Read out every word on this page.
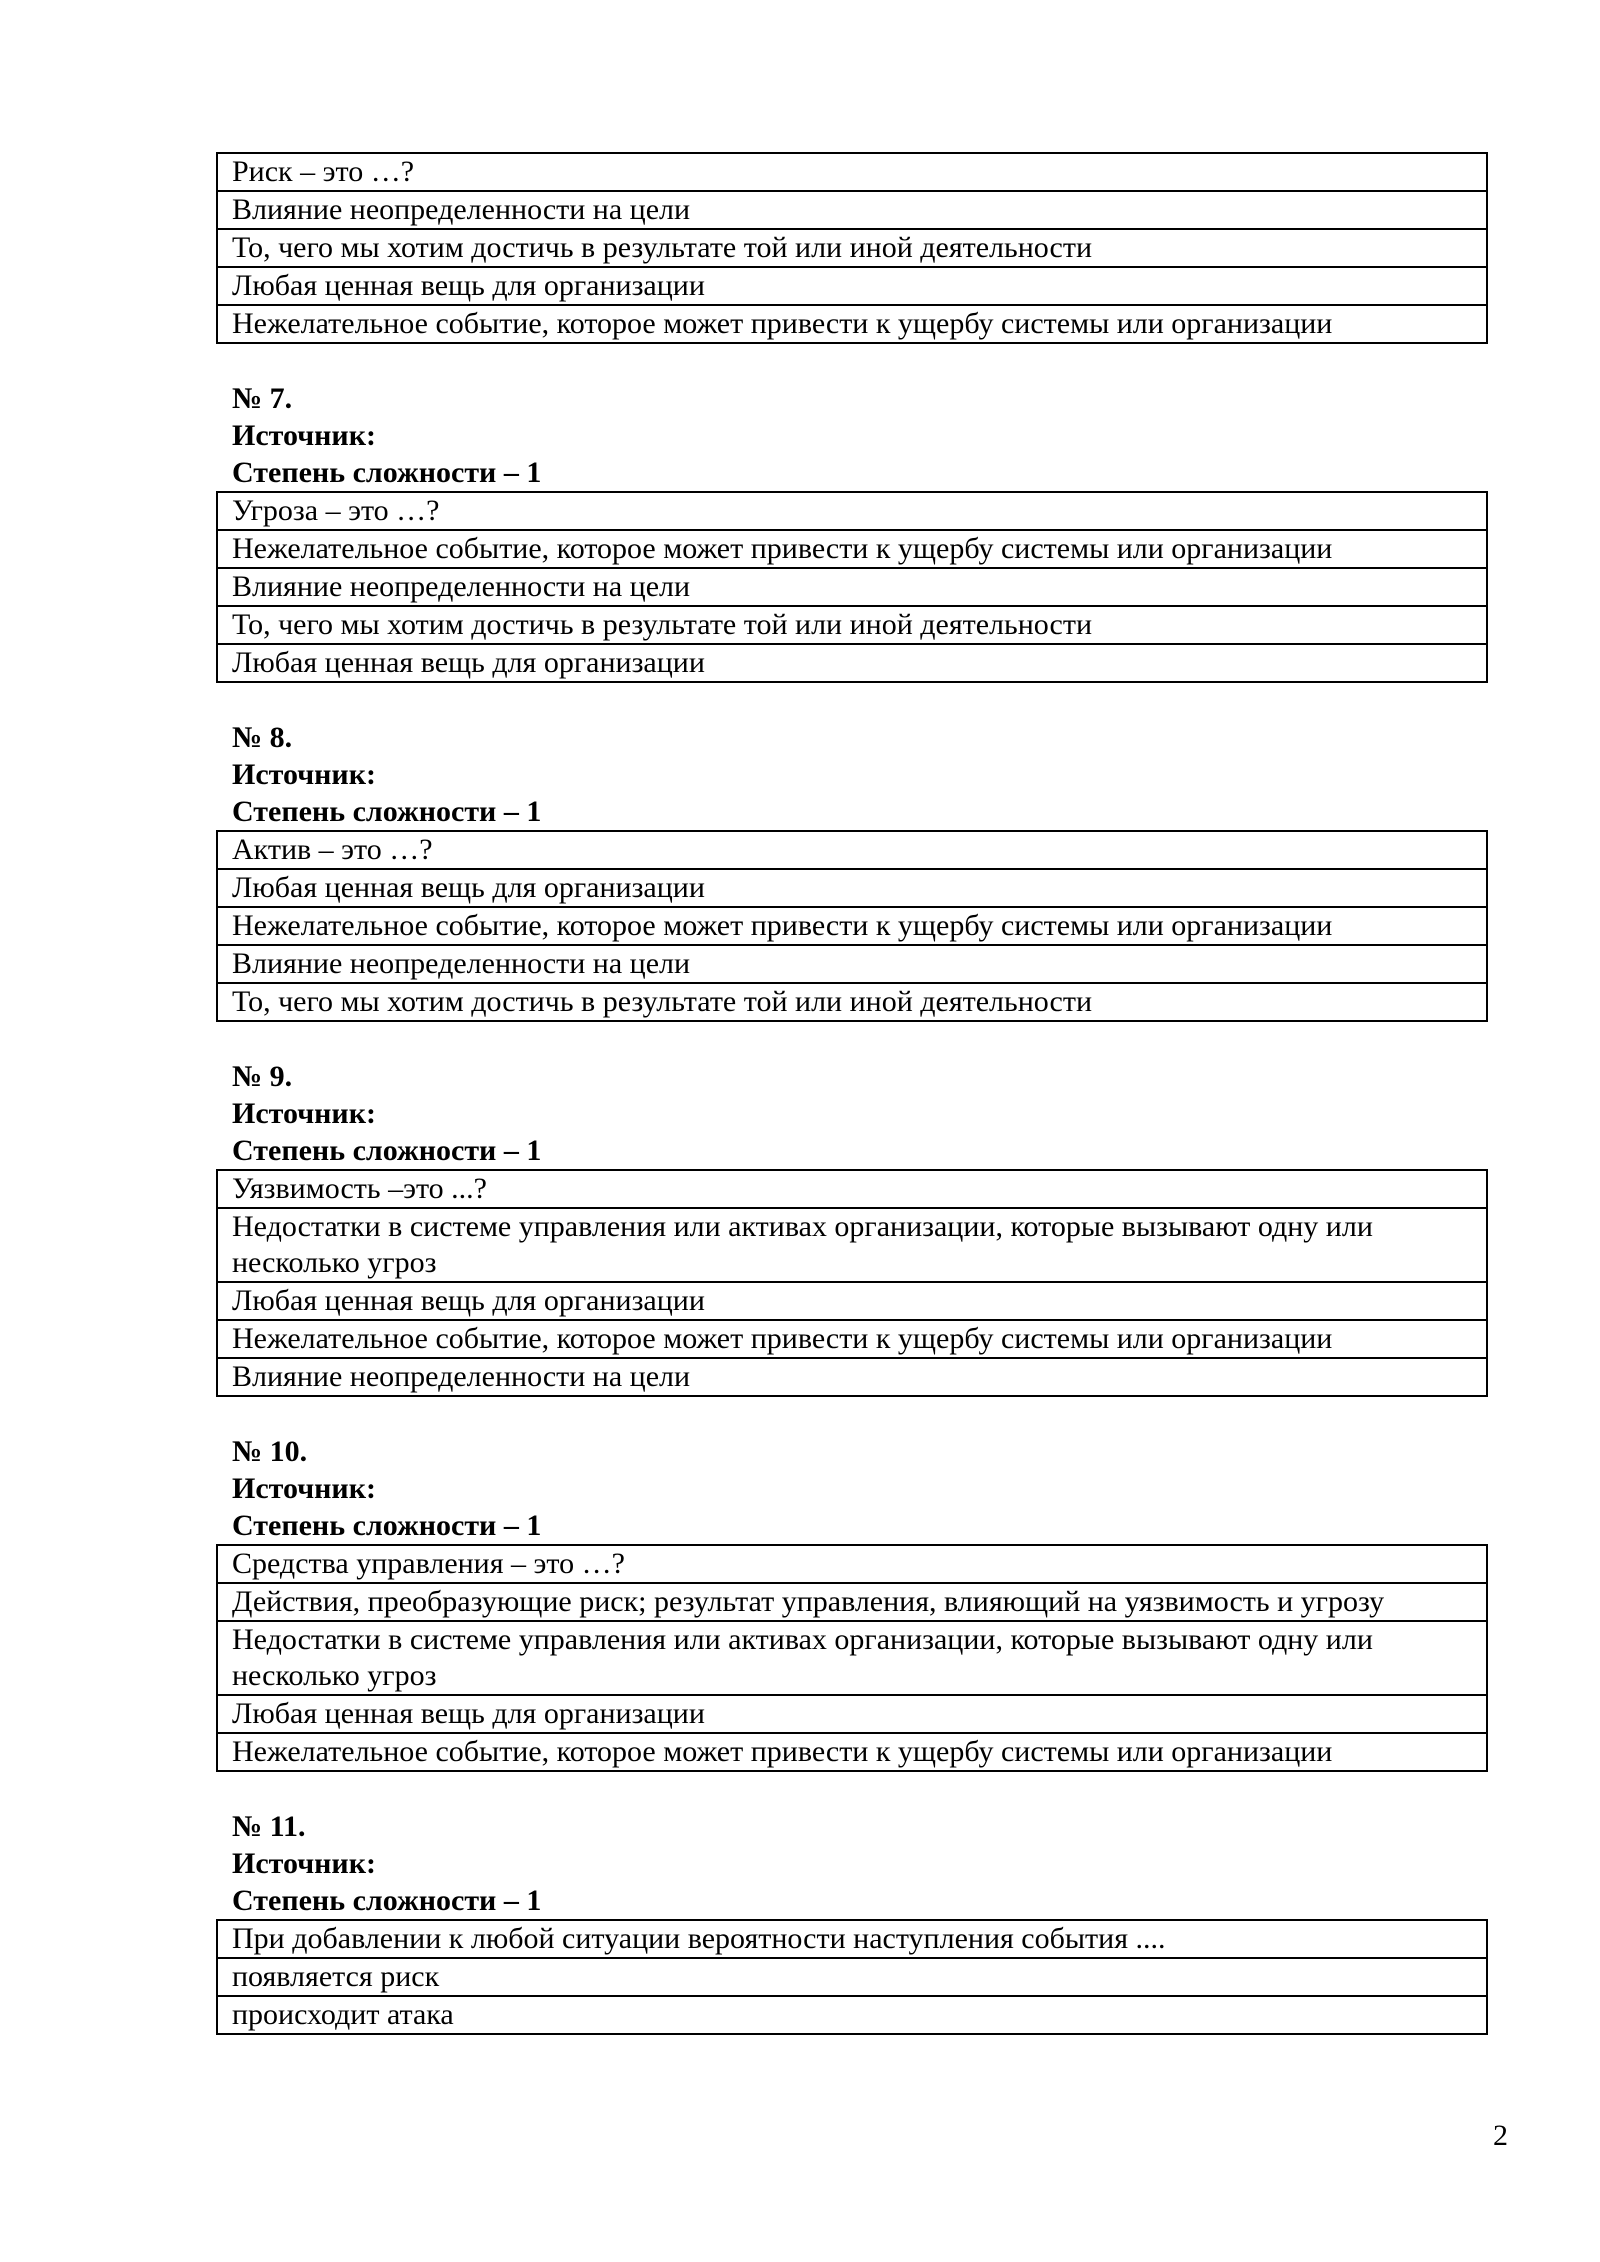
Риск – это …?
Влияние неопределенности на цели
То, чего мы хотим достичь в результате той или иной деятельности
Любая ценная вещь для организации
Нежелательное событие, которое может привести к ущербу системы или организации
№ 7.
Источник:
Степень сложности – 1
Угроза – это …?
Нежелательное событие, которое может привести к ущербу системы или организации
Влияние неопределенности на цели
То, чего мы хотим достичь в результате той или иной деятельности
Любая ценная вещь для организации
№ 8.
Источник:
Степень сложности – 1
Актив – это …?
Любая ценная вещь для организации
Нежелательное событие, которое может привести к ущербу системы или организации
Влияние неопределенности на цели
То, чего мы хотим достичь в результате той или иной деятельности
№ 9.
Источник:
Степень сложности – 1
Уязвимость –это ...?
Недостатки в системе управления или активах организации, которые вызывают одну или несколько угроз
Любая ценная вещь для организации
Нежелательное событие, которое может привести к ущербу системы или организации
Влияние неопределенности на цели
№ 10.
Источник:
Степень сложности – 1
Средства управления – это …?
Действия, преобразующие риск; результат управления, влияющий на уязвимость и угрозу
Недостатки в системе управления или активах организации, которые вызывают одну или несколько угроз
Любая ценная вещь для организации
Нежелательное событие, которое может привести к ущербу системы или организации
№ 11.
Источник:
Степень сложности – 1
При добавлении к любой ситуации вероятности наступления события ....
появляется риск
происходит атака
2
